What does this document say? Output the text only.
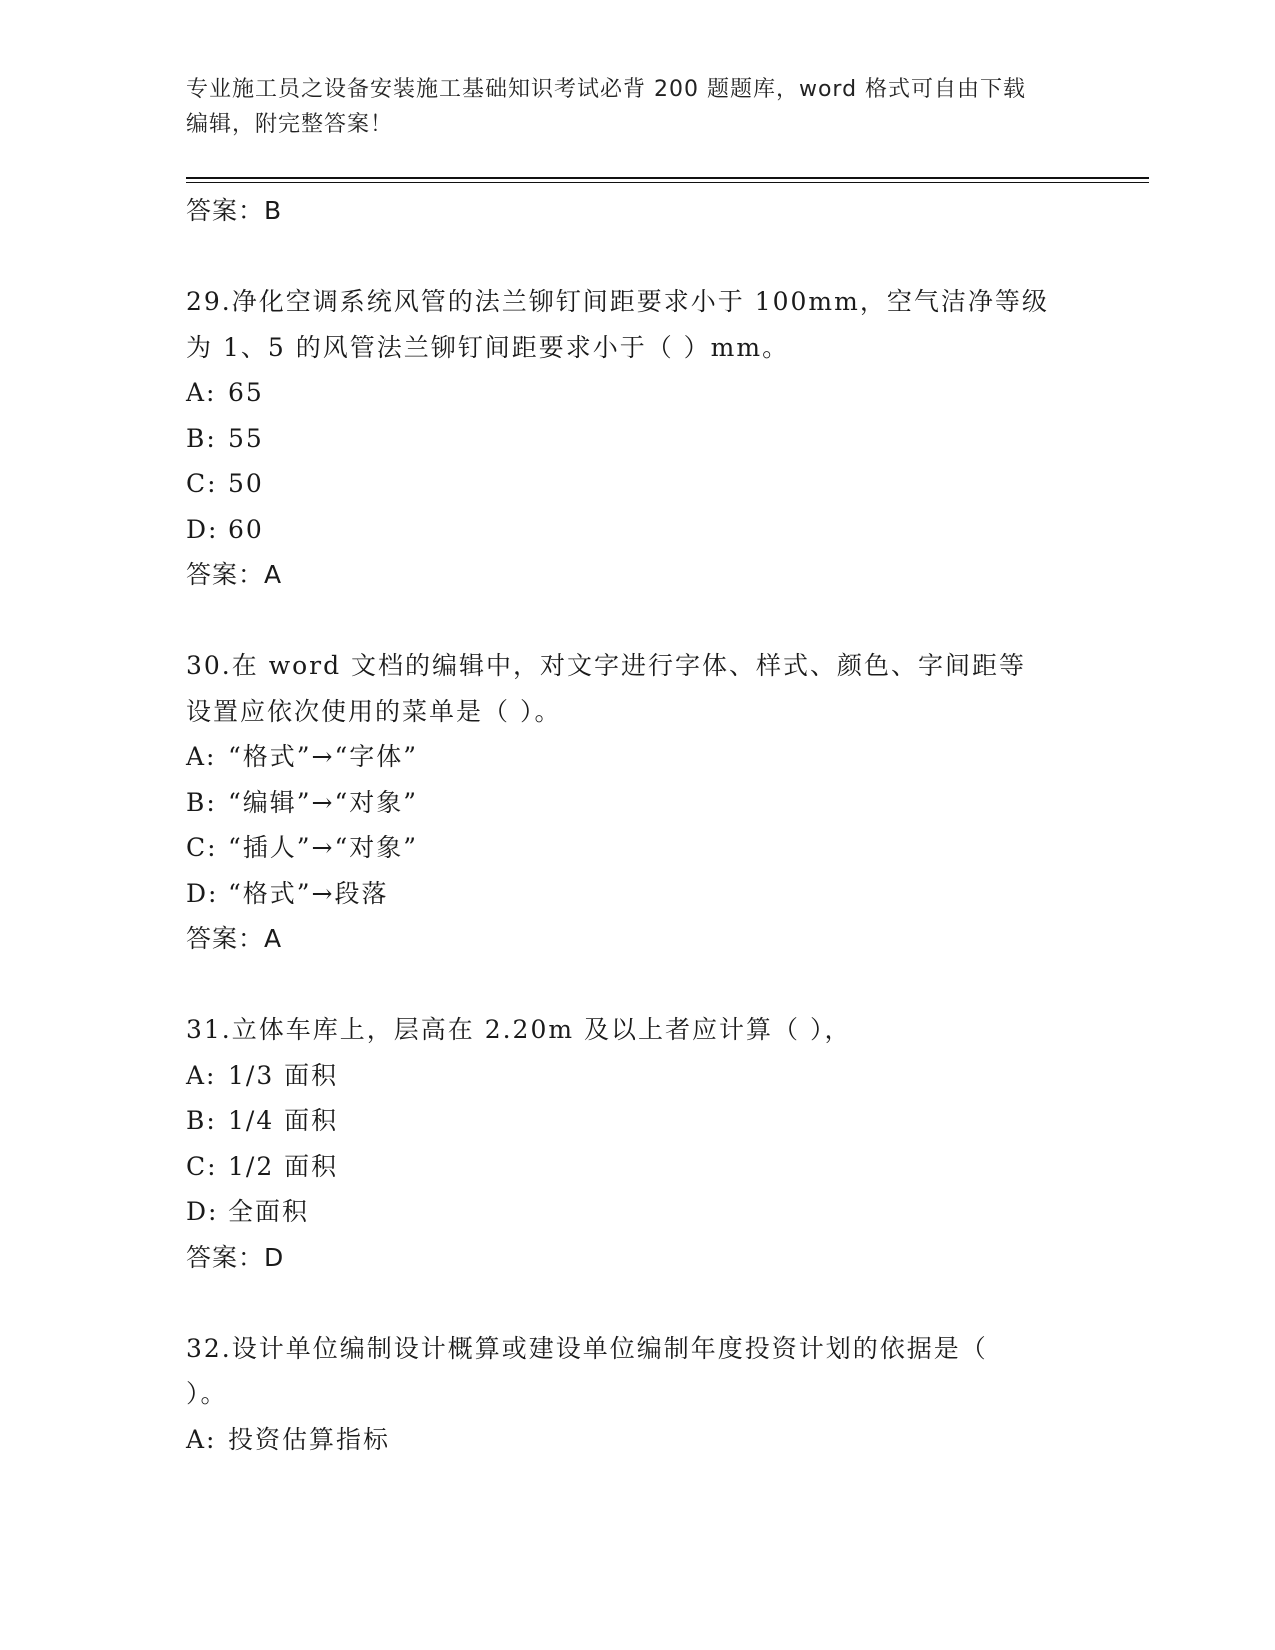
专业施工员之设备安装施工基础知识考试必背 200 题题库，word 格式可自由下载
编辑，附完整答案！
答案：B
29.净化空调系统风管的法兰铆钉间距要求小于 100mm，空气洁净等级
为 1、5 的风管法兰铆钉间距要求小于（ ）mm。
A: 65
B: 55
C: 50
D: 60
答案：A
30.在 word 文档的编辑中，对文字进行字体、样式、颜色、字间距等
设置应依次使用的菜单是（ ）。
A: “格式”→“字体”
B: “编辑”→“对象”
C: “插人”→“对象”
D: “格式”→段落
答案：A
31.立体车库上，层高在 2.20m 及以上者应计算（ ），
A: 1/3 面积
B: 1/4 面积
C: 1/2 面积
D: 全面积
答案：D
32.设计单位编制设计概算或建设单位编制年度投资计划的依据是（
）。
A: 投资估算指标
